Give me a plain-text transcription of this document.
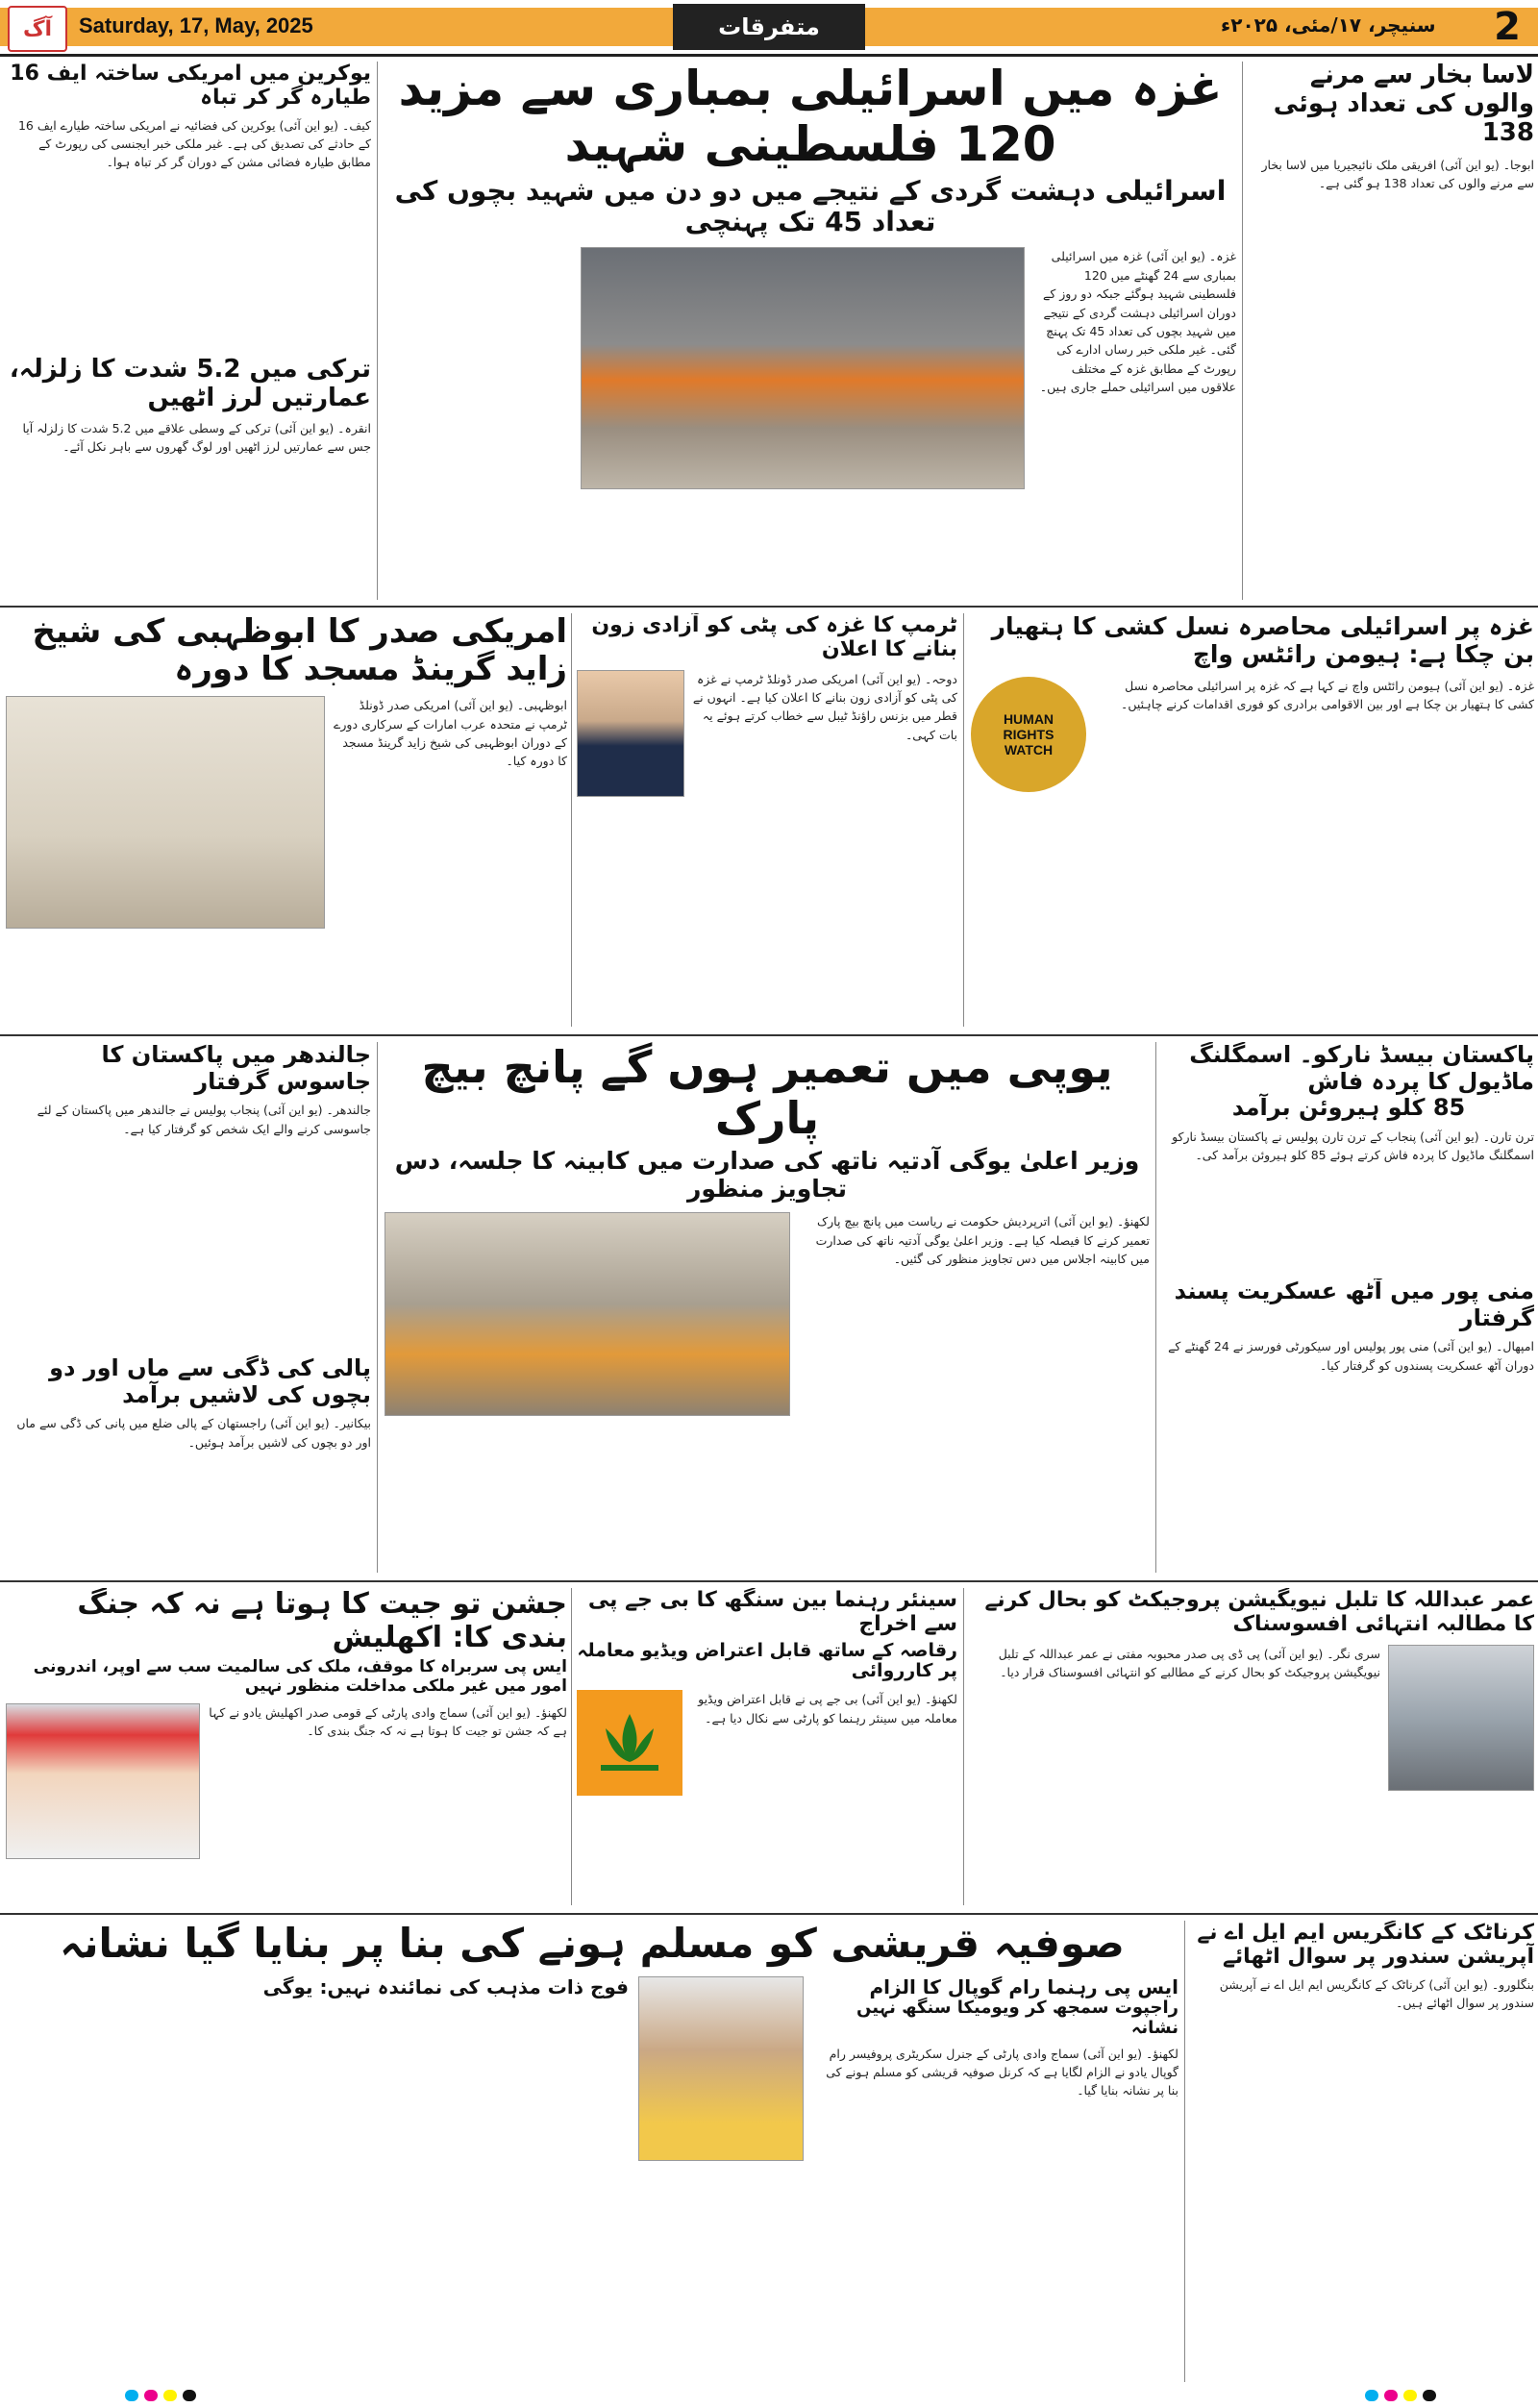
آگ	Saturday, 17, May, 2025	متفرقات	سنیچر، ۱۷/مئی، ۲۰۲۵ء	2
لاسا بخار سے مرنے والوں کی تعداد ہوئی 138
ابوجا۔ (یو این آئی) افریقی ملک نائیجیریا میں لاسا بخار سے مرنے والوں کی تعداد 138 ہو گئی ہے۔
غزہ میں اسرائیلی بمباری سے مزید 120 فلسطینی شہید
اسرائیلی دہشت گردی کے نتیجے میں دو دن میں شہید بچوں کی تعداد 45 تک پہنچی
غزہ۔ (یو این آئی) غزہ میں اسرائیلی بمباری سے 24 گھنٹے میں 120 فلسطینی شہید ہوگئے جبکہ دو روز کے دوران اسرائیلی دہشت گردی کے نتیجے میں شہید بچوں کی تعداد 45 تک پہنچ گئی۔ غیر ملکی خبر رساں ادارے کی رپورٹ کے مطابق غزہ کے مختلف علاقوں میں اسرائیلی حملے جاری ہیں۔
یوکرین میں امریکی ساختہ ایف 16 طیارہ گر کر تباہ
کیف۔ (یو این آئی) یوکرین کی فضائیہ نے امریکی ساختہ طیارے ایف 16 کے حادثے کی تصدیق کی ہے۔ غیر ملکی خبر ایجنسی کی رپورٹ کے مطابق طیارہ فضائی مشن کے دوران گر کر تباہ ہوا۔
ترکی میں 5.2 شدت کا زلزلہ، عمارتیں لرز اٹھیں
انقرہ۔ (یو این آئی) ترکی کے وسطی علاقے میں 5.2 شدت کا زلزلہ آیا جس سے عمارتیں لرز اٹھیں اور لوگ گھروں سے باہر نکل آئے۔
غزہ پر اسرائیلی محاصرہ نسل کشی کا ہتھیار بن چکا ہے: ہیومن رائٹس واچ
غزہ۔ (یو این آئی) ہیومن رائٹس واچ نے کہا ہے کہ غزہ پر اسرائیلی محاصرہ نسل کشی کا ہتھیار بن چکا ہے اور بین الاقوامی برادری کو فوری اقدامات کرنے چاہئیں۔
HUMAN
RIGHTS
WATCH
ٹرمپ کا غزہ کی پٹی کو آزادی زون بنانے کا اعلان
دوحہ۔ (یو این آئی) امریکی صدر ڈونلڈ ٹرمپ نے غزہ کی پٹی کو آزادی زون بنانے کا اعلان کیا ہے۔ انہوں نے قطر میں بزنس راؤنڈ ٹیبل سے خطاب کرتے ہوئے یہ بات کہی۔
امریکی صدر کا ابوظہبی کی شیخ زاید گرینڈ مسجد کا دورہ
ابوظہبی۔ (یو این آئی) امریکی صدر ڈونلڈ ٹرمپ نے متحدہ عرب امارات کے سرکاری دورے کے دوران ابوظہبی کی شیخ زاید گرینڈ مسجد کا دورہ کیا۔
پاکستان بیسڈ نارکو۔ اسمگلنگ ماڈیول کا پردہ فاش
85 کلو ہیروئن برآمد
ترن تارن۔ (یو این آئی) پنجاب کے ترن تارن پولیس نے پاکستان بیسڈ نارکو اسمگلنگ ماڈیول کا پردہ فاش کرتے ہوئے 85 کلو ہیروئن برآمد کی۔
منی پور میں آٹھ عسکریت پسند گرفتار
امپھال۔ (یو این آئی) منی پور پولیس اور سیکورٹی فورسز نے 24 گھنٹے کے دوران آٹھ عسکریت پسندوں کو گرفتار کیا۔
یوپی میں تعمیر ہوں گے پانچ بیچ پارک
وزیر اعلیٰ یوگی آدتیہ ناتھ کی صدارت میں کابینہ کا جلسہ، دس تجاویز منظور
لکھنؤ۔ (یو این آئی) اترپردیش حکومت نے ریاست میں پانچ بیچ پارک تعمیر کرنے کا فیصلہ کیا ہے۔ وزیر اعلیٰ یوگی آدتیہ ناتھ کی صدارت میں کابینہ اجلاس میں دس تجاویز منظور کی گئیں۔
جالندھر میں پاکستان کا جاسوس گرفتار
جالندھر۔ (یو این آئی) پنجاب پولیس نے جالندھر میں پاکستان کے لئے جاسوسی کرنے والے ایک شخص کو گرفتار کیا ہے۔
پالی کی ڈگی سے ماں اور دو بچوں کی لاشیں برآمد
بیکانیر۔ (یو این آئی) راجستھان کے پالی ضلع میں پانی کی ڈگی سے ماں اور دو بچوں کی لاشیں برآمد ہوئیں۔
عمر عبداللہ کا تلبل نیویگیشن پروجیکٹ کو بحال کرنے کا مطالبہ انتہائی افسوسناک
سری نگر۔ (یو این آئی) پی ڈی پی صدر محبوبہ مفتی نے عمر عبداللہ کے تلبل نیویگیشن پروجیکٹ کو بحال کرنے کے مطالبے کو انتہائی افسوسناک قرار دیا۔
سینئر رہنما بین سنگھ کا بی جے پی سے اخراج
رقاصہ کے ساتھ قابل اعتراض ویڈیو معاملہ پر کارروائی
لکھنؤ۔ (یو این آئی) بی جے پی نے قابل اعتراض ویڈیو معاملہ میں سینئر رہنما کو پارٹی سے نکال دیا ہے۔
جشن تو جیت کا ہوتا ہے نہ کہ جنگ بندی کا: اکھلیش
ایس پی سربراہ کا موقف، ملک کی سالمیت سب سے اوپر، اندرونی امور میں غیر ملکی مداخلت منظور نہیں
لکھنؤ۔ (یو این آئی) سماج وادی پارٹی کے قومی صدر اکھلیش یادو نے کہا ہے کہ جشن تو جیت کا ہوتا ہے نہ کہ جنگ بندی کا۔
کرناٹک کے کانگریس ایم ایل اے نے
آپریشن سندور پر سوال اٹھائے
بنگلورو۔ (یو این آئی) کرناٹک کے کانگریس ایم ایل اے نے آپریشن سندور پر سوال اٹھائے ہیں۔
صوفیہ قریشی کو مسلم ہونے کی بنا پر بنایا گیا نشانہ
ایس پی رہنما رام گوپال کا الزام
راجپوت سمجھ کر ویومیکا سنگھ نہیں نشانہ
لکھنؤ۔ (یو این آئی) سماج وادی پارٹی کے جنرل سکریٹری پروفیسر رام گوپال یادو نے الزام لگایا ہے کہ کرنل صوفیہ قریشی کو مسلم ہونے کی بنا پر نشانہ بنایا گیا۔
فوج ذات مذہب کی نمائندہ نہیں: یوگی
